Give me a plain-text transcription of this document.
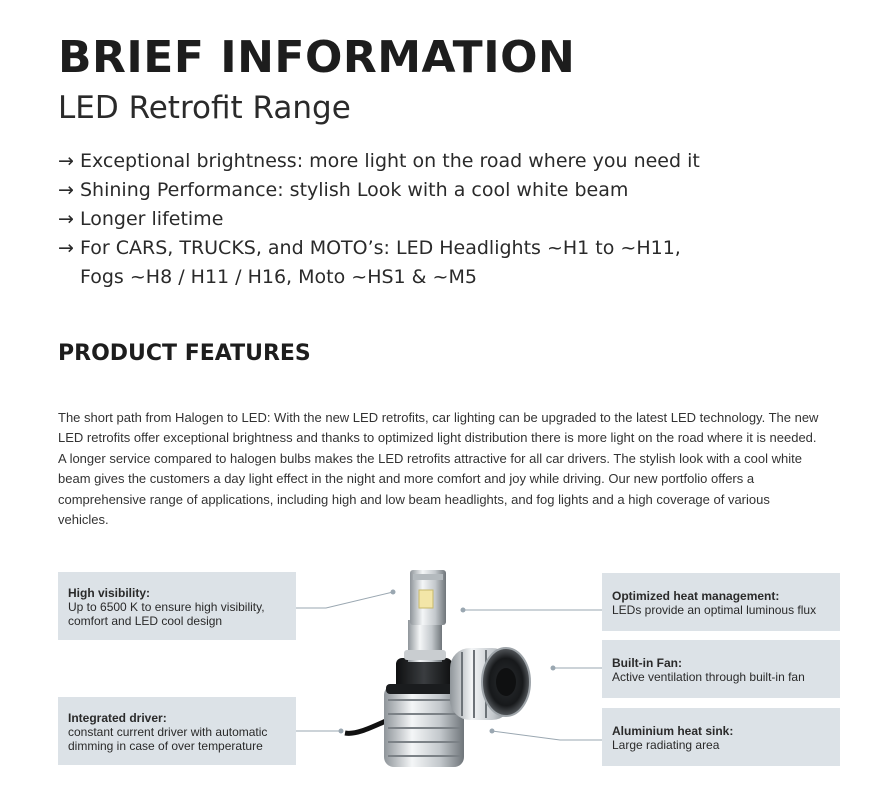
BRIEF INFORMATION
LED Retrofit Range
→ Exceptional brightness: more light on the road where you need it
→ Shining Performance: stylish Look with a cool white beam
→ Longer lifetime
→ For CARS, TRUCKS, and MOTO’s: LED Headlights ~H1 to ~H11,
Fogs ~H8 / H11 / H16, Moto ~HS1 & ~M5
PRODUCT FEATURES

The short path from Halogen to LED: With the new LED retrofits, car lighting can be upgraded to the latest LED technology. The new LED retrofits offer exceptional brightness and thanks to optimized light distribution there is more light on the road where it is needed. A longer service compared to halogen bulbs makes the LED retrofits attractive for all car drivers. The stylish look with a cool white beam gives the customers a day light effect in the night and more comfort and joy while driving. Our new portfolio offers a comprehensive range of applications, including high and low beam headlights, and fog lights and a high coverage of various vehicles.

High visibility:
Up to 6500 K to ensure high visibility,
comfort and LED cool design
Integrated driver:
constant current driver with automatic
dimming in case of over temperature
Optimized heat management:
LEDs provide an optimal luminous flux
Built-in Fan:
Active ventilation through built-in fan
Aluminium heat sink:
Large radiating area
